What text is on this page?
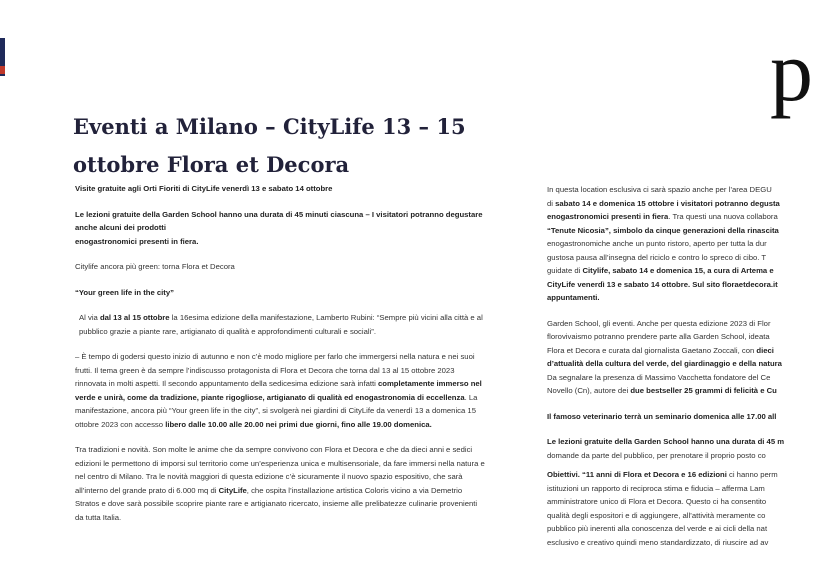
p
Eventi a Milano – CityLife 13 – 15 ottobre Flora et Decora

Visite gratuite agli Orti Fioriti di CityLife venerdì 13 e sabato 14 ottobre

Le lezioni gratuite della Garden School hanno una durata di 45 minuti ciascuna – I visitatori potranno degustare anche alcuni dei prodotti
enogastronomici presenti in fiera.

Citylife ancora più green: torna Flora et Decora

“Your green life in the city”

Al via dal 13 al 15 ottobre la 16esima edizione della manifestazione, Lamberto Rubini: “Sempre più vicini alla città e al pubblico grazie a piante rare, artigianato di qualità e approfondimenti culturali e sociali”.

– È tempo di godersi questo inizio di autunno e non c’è modo migliore per farlo che immergersi nella natura e nei suoi frutti. Il tema green è da sempre l’indiscusso protagonista di Flora et Decora che torna dal 13 al 15 ottobre 2023 rinnovata in molti aspetti. Il secondo appuntamento della sedicesima edizione sarà infatti completamente immerso nel verde e unirà, come da tradizione, piante rigogliose, artigianato di qualità ed enogastronomia di eccellenza. La manifestazione, ancora più “Your green life in the city”, si svolgerà nei giardini di CityLife da venerdì 13 a domenica 15 ottobre 2023 con accesso libero dalle 10.00 alle 20.00 nei primi due giorni, fino alle 19.00 domenica.

Tra tradizioni e novità. Son molte le anime che da sempre convivono con Flora et Decora e che da dieci anni e sedici edizioni le permettono di imporsi sul territorio come un’esperienza unica e multisensoriale, da fare immersi nella natura e nel centro di Milano. Tra le novità maggiori di questa edizione c’è sicuramente il nuovo spazio espositivo, che sarà all’interno del grande prato di 6.000 mq di CityLife, che ospita l’installazione artistica Coloris vicino a via Demetrio Stratos e dove sarà possibile scoprire piante rare e artigianato ricercato, insieme alle prelibatezze culinarie provenienti da tutta Italia.

In questa location esclusiva ci sarà spazio anche per l’area DEGU
di sabato 14 e domenica 15 ottobre i visitatori potranno degusta
enogastronomici presenti in fiera. Tra questi una nuova collabora
“Tenute Nicosia”, simbolo da cinque generazioni della rinascita
enogastronomiche anche un punto ristoro, aperto per tutta la dur
gustosa pausa all’insegna del riciclo e contro lo spreco di cibo. T
guidate di Citylife, sabato 14 e domenica 15, a cura di Artema e
CityLife venerdì 13 e sabato 14 ottobre. Sul sito floraetdecora.it
appuntamenti.

Garden School, gli eventi. Anche per questa edizione 2023 di Flor
florovivaismo potranno prendere parte alla Garden School, ideata
Flora et Decora e curata dal giornalista Gaetano Zoccali, con dieci
d’attualità della cultura del verde, del giardinaggio e della natura
Da segnalare la presenza di Massimo Vacchetta fondatore del Ce
Novello (Cn), autore dei due bestseller 25 grammi di felicità e Cu

Il famoso veterinario terrà un seminario domenica alle 17.00 all

Le lezioni gratuite della Garden School hanno una durata di 45 m
domande da parte del pubblico, per prenotare il proprio posto co

Obiettivi. “11 anni di Flora et Decora e 16 edizioni ci hanno perm
istituzioni un rapporto di reciproca stima e fiducia – afferma Lam
amministratore unico di Flora et Decora. Questo ci ha consentito
qualità degli espositori e di aggiungere, all’attività meramente co
pubblico più inerenti alla conoscenza del verde e ai cicli della nat
esclusivo e creativo quindi meno standardizzato, di riuscire ad av
